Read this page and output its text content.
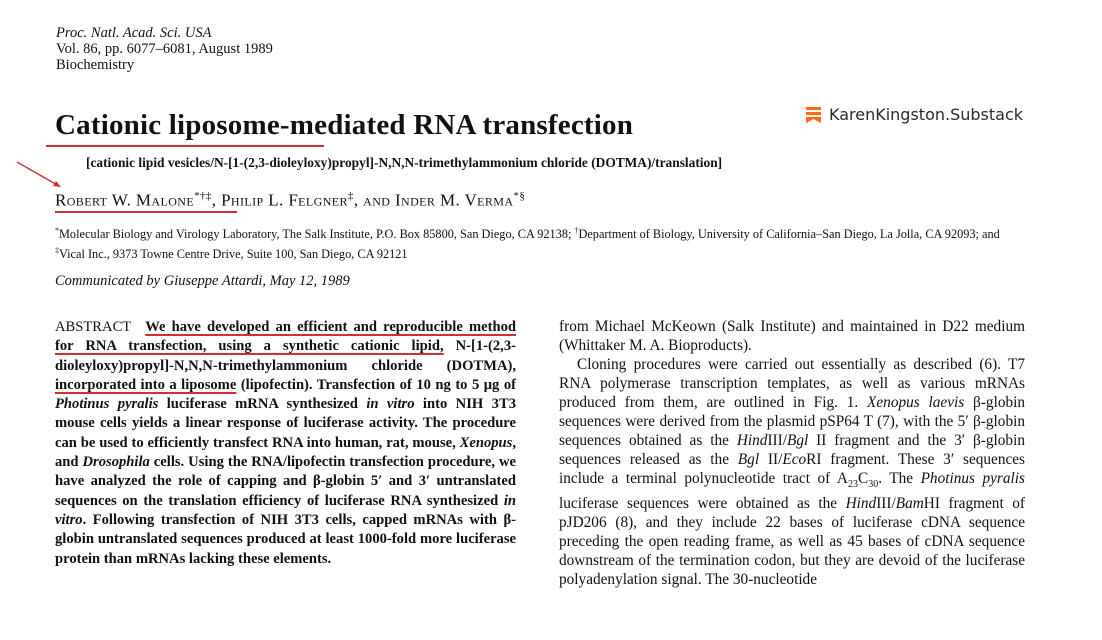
Proc. Natl. Acad. Sci. USA
Vol. 86, pp. 6077–6081, August 1989
Biochemistry
KarenKingston.Substack
Cationic liposome-mediated RNA transfection
[cationic lipid vesicles/N-[1-(2,3-dioleyloxy)propyl]-N,N,N-trimethylammonium chloride (DOTMA)/translation]
Robert W. Malone*†‡, Philip L. Felgner‡, and Inder M. Verma*§
*Molecular Biology and Virology Laboratory, The Salk Institute, P.O. Box 85800, San Diego, CA 92138; †Department of Biology, University of California–San Diego, La Jolla, CA 92093; and ‡Vical Inc., 9373 Towne Centre Drive, Suite 100, San Diego, CA 92121
Communicated by Giuseppe Attardi, May 12, 1989
ABSTRACT We have developed an efficient and reproducible method for RNA transfection, using a synthetic cationic lipid, N-[1-(2,3-dioleyloxy)propyl]-N,N,N-trimethylammonium chloride (DOTMA), incorporated into a liposome (lipofectin). Transfection of 10 ng to 5 μg of Photinus pyralis luciferase mRNA synthesized in vitro into NIH 3T3 mouse cells yields a linear response of luciferase activity. The procedure can be used to efficiently transfect RNA into human, rat, mouse, Xenopus, and Drosophila cells. Using the RNA/lipofectin transfection procedure, we have analyzed the role of capping and β-globin 5′ and 3′ untranslated sequences on the translation efficiency of luciferase RNA synthesized in vitro. Following transfection of NIH 3T3 cells, capped mRNAs with β-globin untranslated sequences produced at least 1000-fold more luciferase protein than mRNAs lacking these elements.

from Michael McKeown (Salk Institute) and maintained in D22 medium (Whittaker M. A. Bioproducts).

Cloning procedures were carried out essentially as described (6). T7 RNA polymerase transcription templates, as well as various mRNAs produced from them, are outlined in Fig. 1. Xenopus laevis β-globin sequences were derived from the plasmid pSP64 T (7), with the 5′ β-globin sequences obtained as the HindIII/Bgl II fragment and the 3′ β-globin sequences released as the Bgl II/EcoRI fragment. These 3′ sequences include a terminal polynucleotide tract of $A_{23}C_{30}$. The Photinus pyralis luciferase sequences were obtained as the HindIII/BamHI fragment of pJD206 (8), and they include 22 bases of luciferase cDNA sequence preceding the open reading frame, as well as 45 bases of cDNA sequence downstream of the termination codon, but they are devoid of the luciferase polyadenylation signal. The 30-nucleotide
